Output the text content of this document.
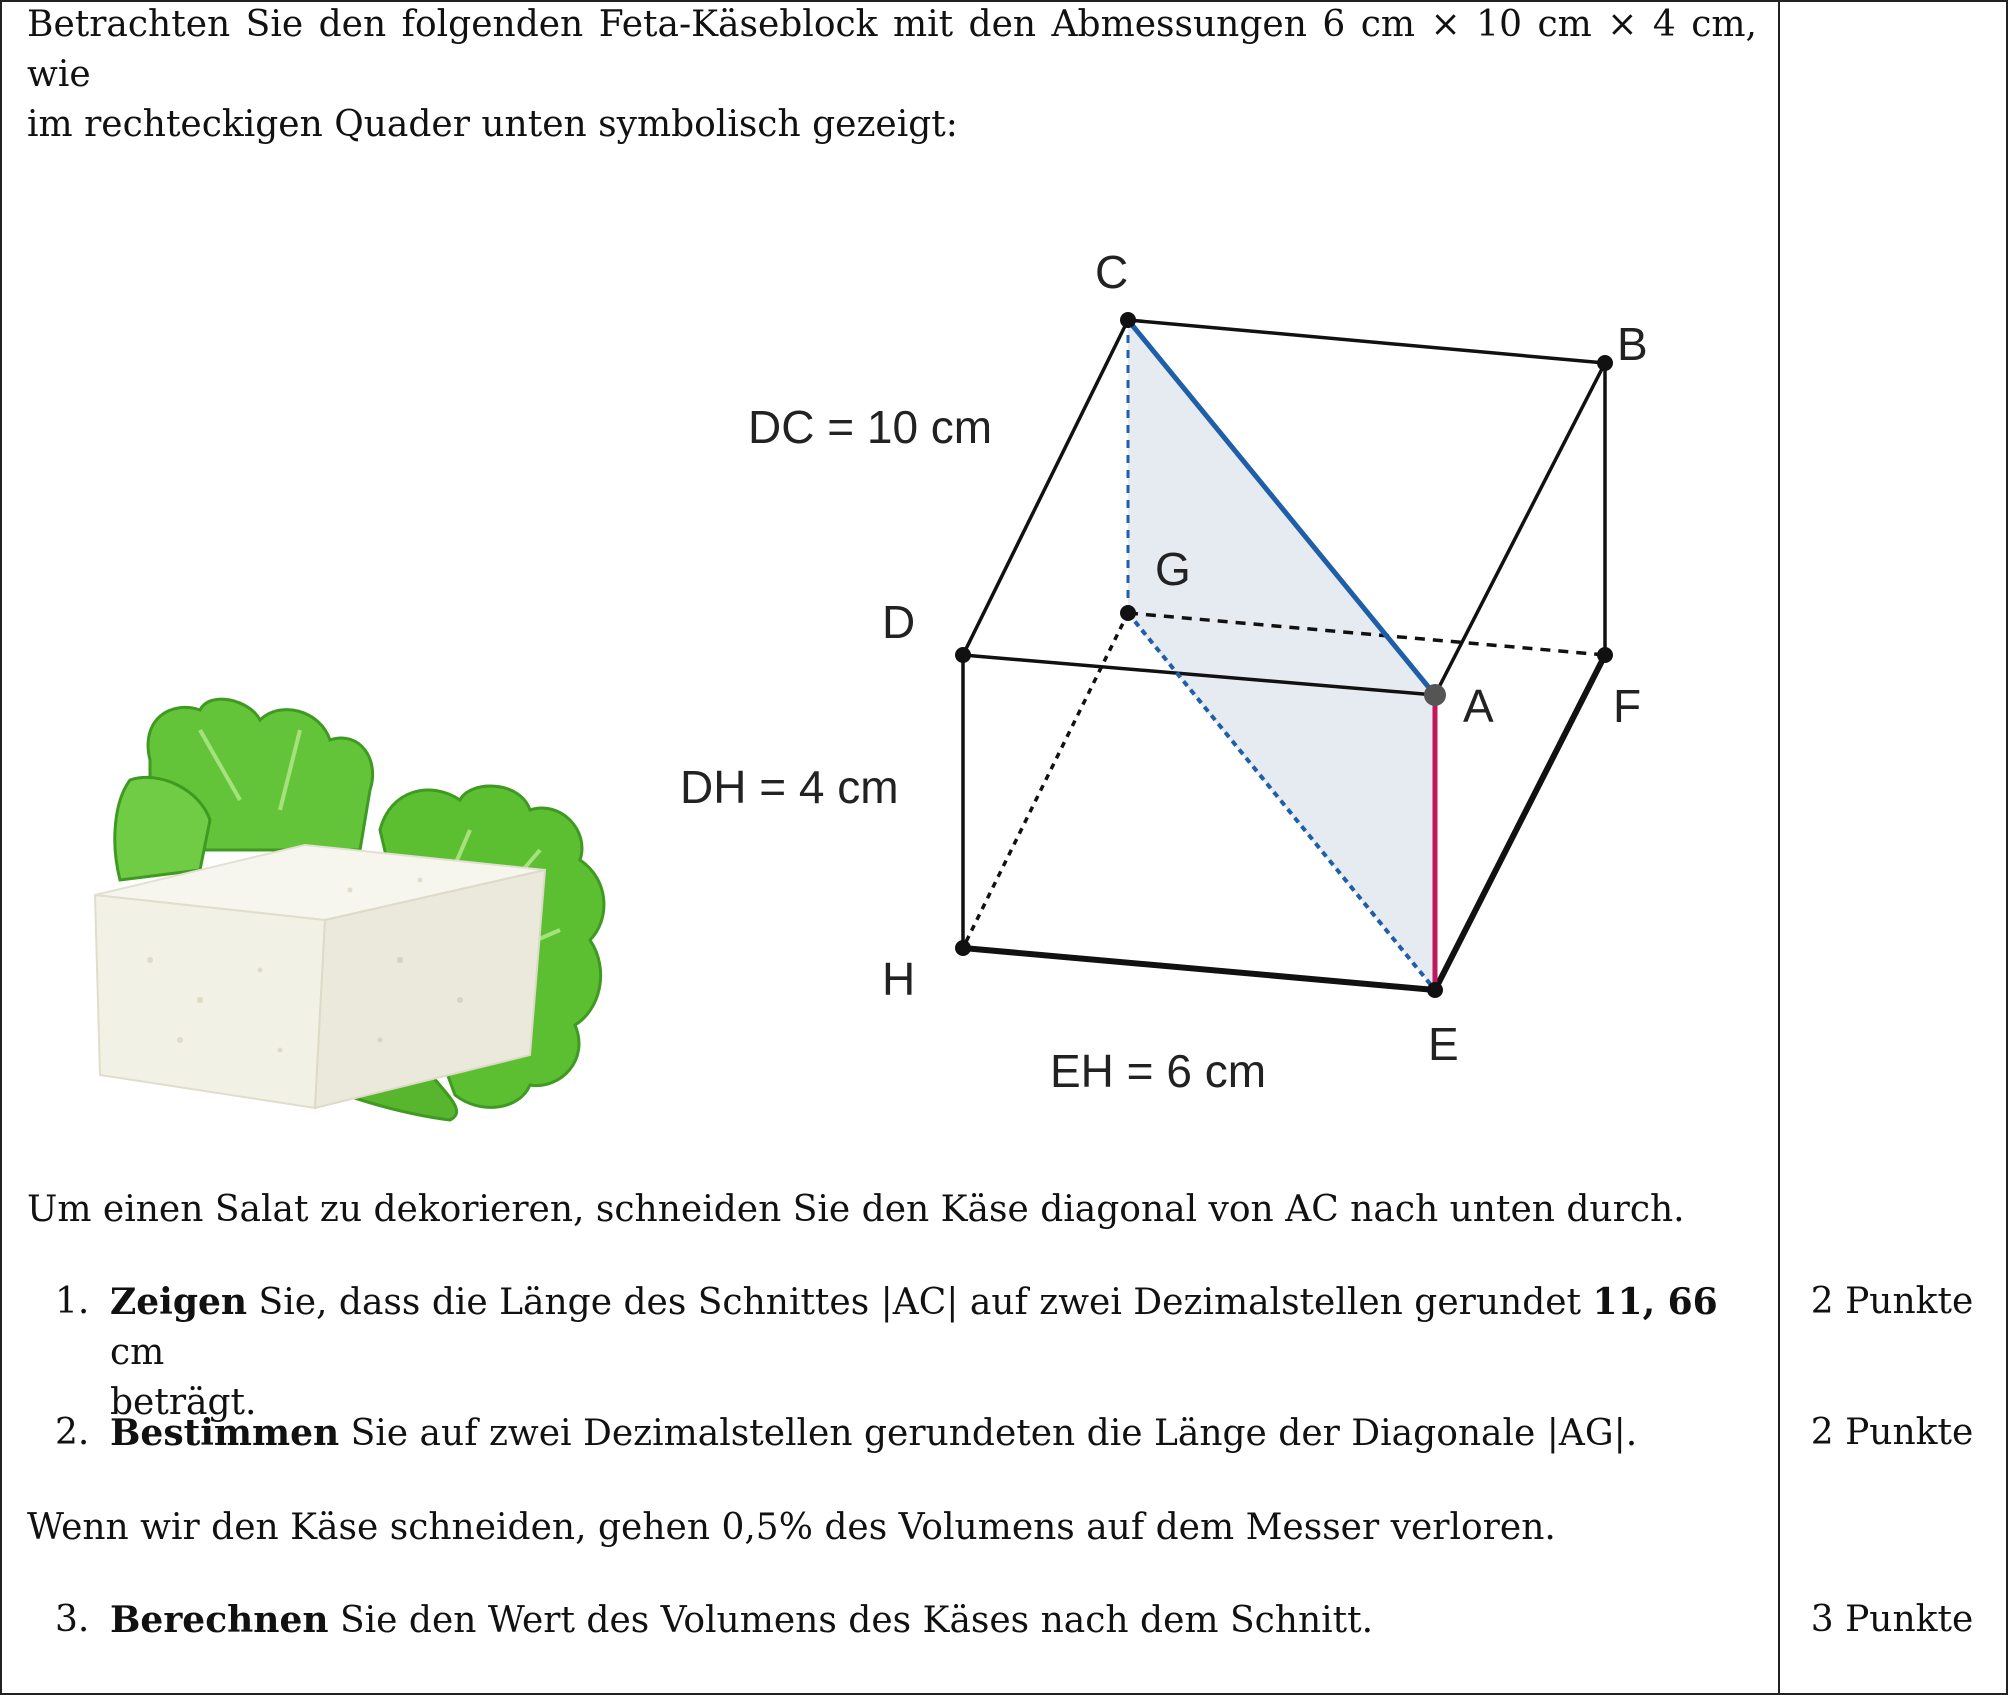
Betrachten Sie den folgenden Feta-Käseblock mit den Abmessungen 6 cm × 10 cm × 4 cm, wie
im rechteckigen Quader unten symbolisch gezeigt:
C
B
G
D
A	F
H
E
DC = 10 cm
DH = 4 cm
EH = 6 cm
Um einen Salat zu dekorieren, schneiden Sie den Käse diagonal von AC nach unten durch.
1. Zeigen Sie, dass die Länge des Schnittes |AC| auf zwei Dezimalstellen gerundet 11, 66 cm
beträgt.
2 Punkte
2. Bestimmen Sie auf zwei Dezimalstellen gerundeten die Länge der Diagonale |AG|.	2 Punkte
Wenn wir den Käse schneiden, gehen 0,5% des Volumens auf dem Messer verloren.
3. Berechnen Sie den Wert des Volumens des Käses nach dem Schnitt.	3 Punkte
